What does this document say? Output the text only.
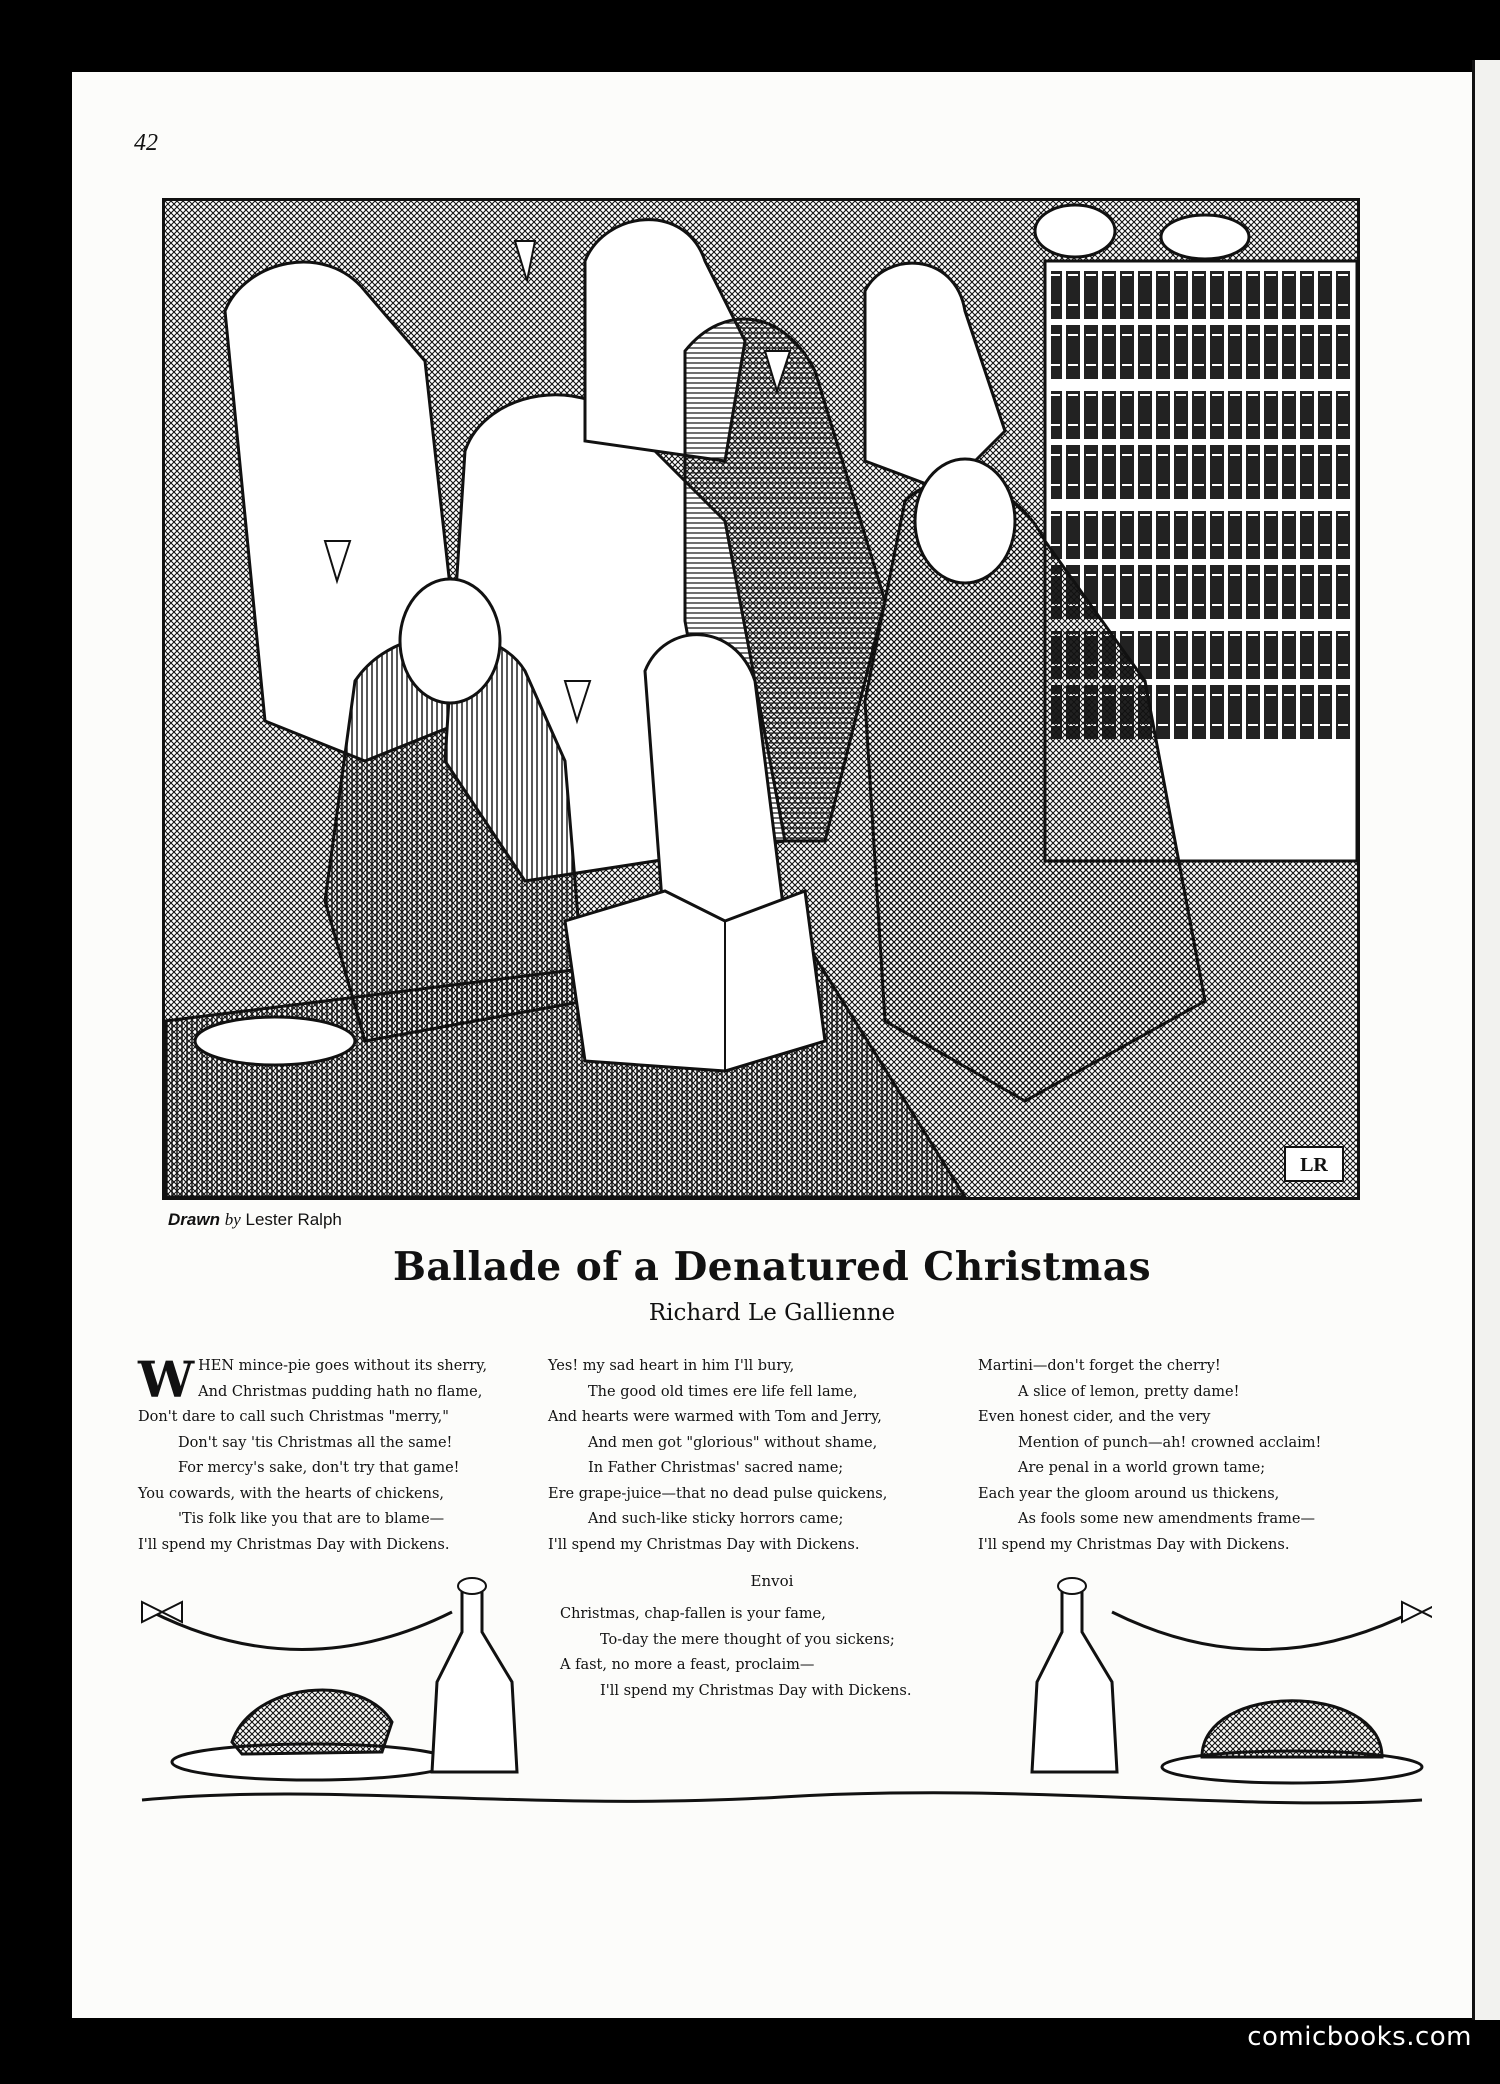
42
LR
Drawn by Lester Ralph
Ballade of a Denatured Christmas
Richard Le Gallienne
W HEN mince-pie goes without its sherry,
And Christmas pudding hath no flame,
Don't dare to call such Christmas "merry,"
Don't say 'tis Christmas all the same!
For mercy's sake, don't try that game!
You cowards, with the hearts of chickens,
'Tis folk like you that are to blame—
I'll spend my Christmas Day with Dickens.
Yes! my sad heart in him I'll bury,
The good old times ere life fell lame,
And hearts were warmed with Tom and Jerry,
And men got "glorious" without shame,
In Father Christmas' sacred name;
Ere grape-juice—that no dead pulse quickens,
And such-like sticky horrors came;
I'll spend my Christmas Day with Dickens.
Martini—don't forget the cherry!
A slice of lemon, pretty dame!
Even honest cider, and the very
Mention of punch—ah! crowned acclaim!
Are penal in a world grown tame;
Each year the gloom around us thickens,
As fools some new amendments frame—
I'll spend my Christmas Day with Dickens.
Envoi
Christmas, chap-fallen is your fame,
To-day the mere thought of you sickens;
A fast, no more a feast, proclaim—
I'll spend my Christmas Day with Dickens.
comicbooks.com
